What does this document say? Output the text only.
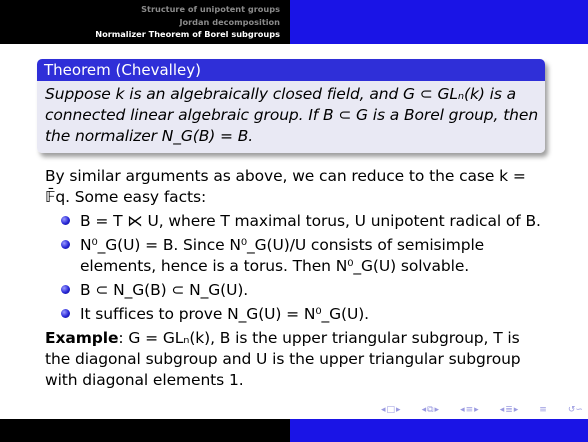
Structure of unipotent groups
Jordan decomposition
Normalizer Theorem of Borel subgroups
Theorem (Chevalley)
Suppose k is an algebraically closed field, and G ⊂ GLₙ(k) is a connected linear algebraic group. If B ⊂ G is a Borel group, then the normalizer N_G(B) = B.

By similar arguments as above, we can reduce to the case k = 𝔽̄q. Some easy facts:

B = T ⋉ U, where T maximal torus, U unipotent radical of B.
N⁰_G(U) = B. Since N⁰_G(U)/U consists of semisimple elements, hence is a torus. Then N⁰_G(U) solvable.
B ⊂ N_G(B) ⊂ N_G(U).
It suffices to prove N_G(U) = N⁰_G(U).

Example: G = GLₙ(k), B is the upper triangular subgroup, T is the diagonal subgroup and U is the upper triangular subgroup with diagonal elements 1.

◂ □ ▸ ◂ ⧉ ▸ ◂ ≡ ▸ ◂ ≣ ▸ ≡ ↺∽
